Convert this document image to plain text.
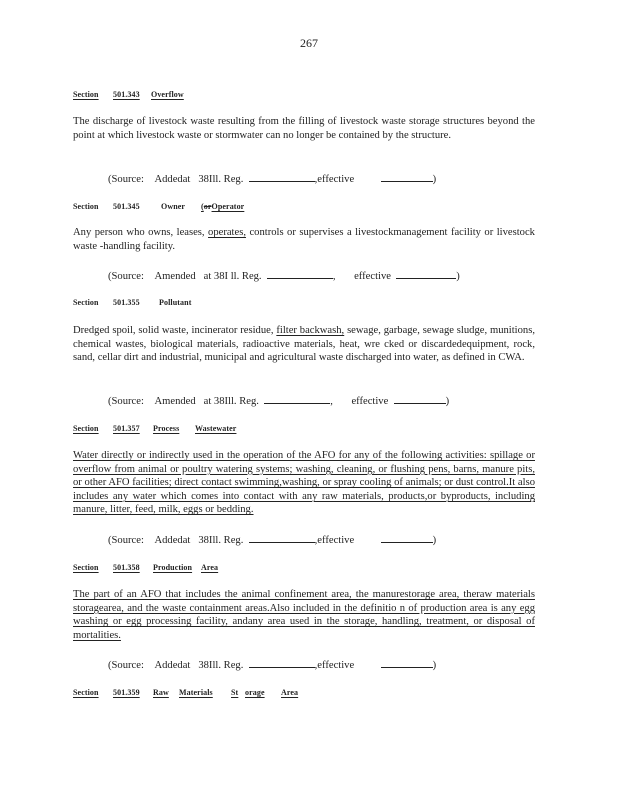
267
Section 501.343 Overflow

The discharge of livestock waste resulting from the filling of livestock waste storage structures beyond the point at which livestock waste or stormwater can no longer be contained by the structure.

(Source: Addedat 38Ill. Reg.	,effective	)
Section 501.345	Owner (orOperator

Any person who owns, leases, operates, controls or supervises a livestockmanagement facility or livestock waste -handling facility.

(Source: Amended at 38I ll. Reg.	, effective	)
Section 501.355 Pollutant

Dredged spoil, solid waste, incinerator residue, filter backwash, sewage, garbage, sewage sludge, munitions, chemical wastes, biological materials, radioactive materials, heat, wre cked or discardedequipment, rock, sand, cellar dirt and industrial, municipal and agricultural waste discharged into water, as defined in CWA.

(Source: Amended at 38Ill. Reg.	, effective	)
Section 501.357 Process Wastewater

Water directly or indirectly used in the operation of the AFO for any of the following activities: spillage or overflow from animal or poultry watering systems; washing, cleaning, or flushing pens, barns, manure pits, or other AFO facilities; direct contact swimming,washing, or spray cooling of animals; or dust control.It also includes any water which comes into contact with any raw materials, products,or byproducts, including manure, litter, feed, milk, eggs or bedding.

(Source: Addedat 38Ill. Reg.	,effective	)
Section 501.358 Production Area

The part of an AFO that includes the animal confinement area, the manurestorage area, theraw materials storagearea, and the waste containment areas.Also included in the definitio n of production area is any egg washing or egg processing facility, andany area used in the storage, handling, treatment, or disposal of mortalities.

(Source: Addedat 38Ill. Reg.	,effective	)
Section 501.359 Raw Materials St orage Area
